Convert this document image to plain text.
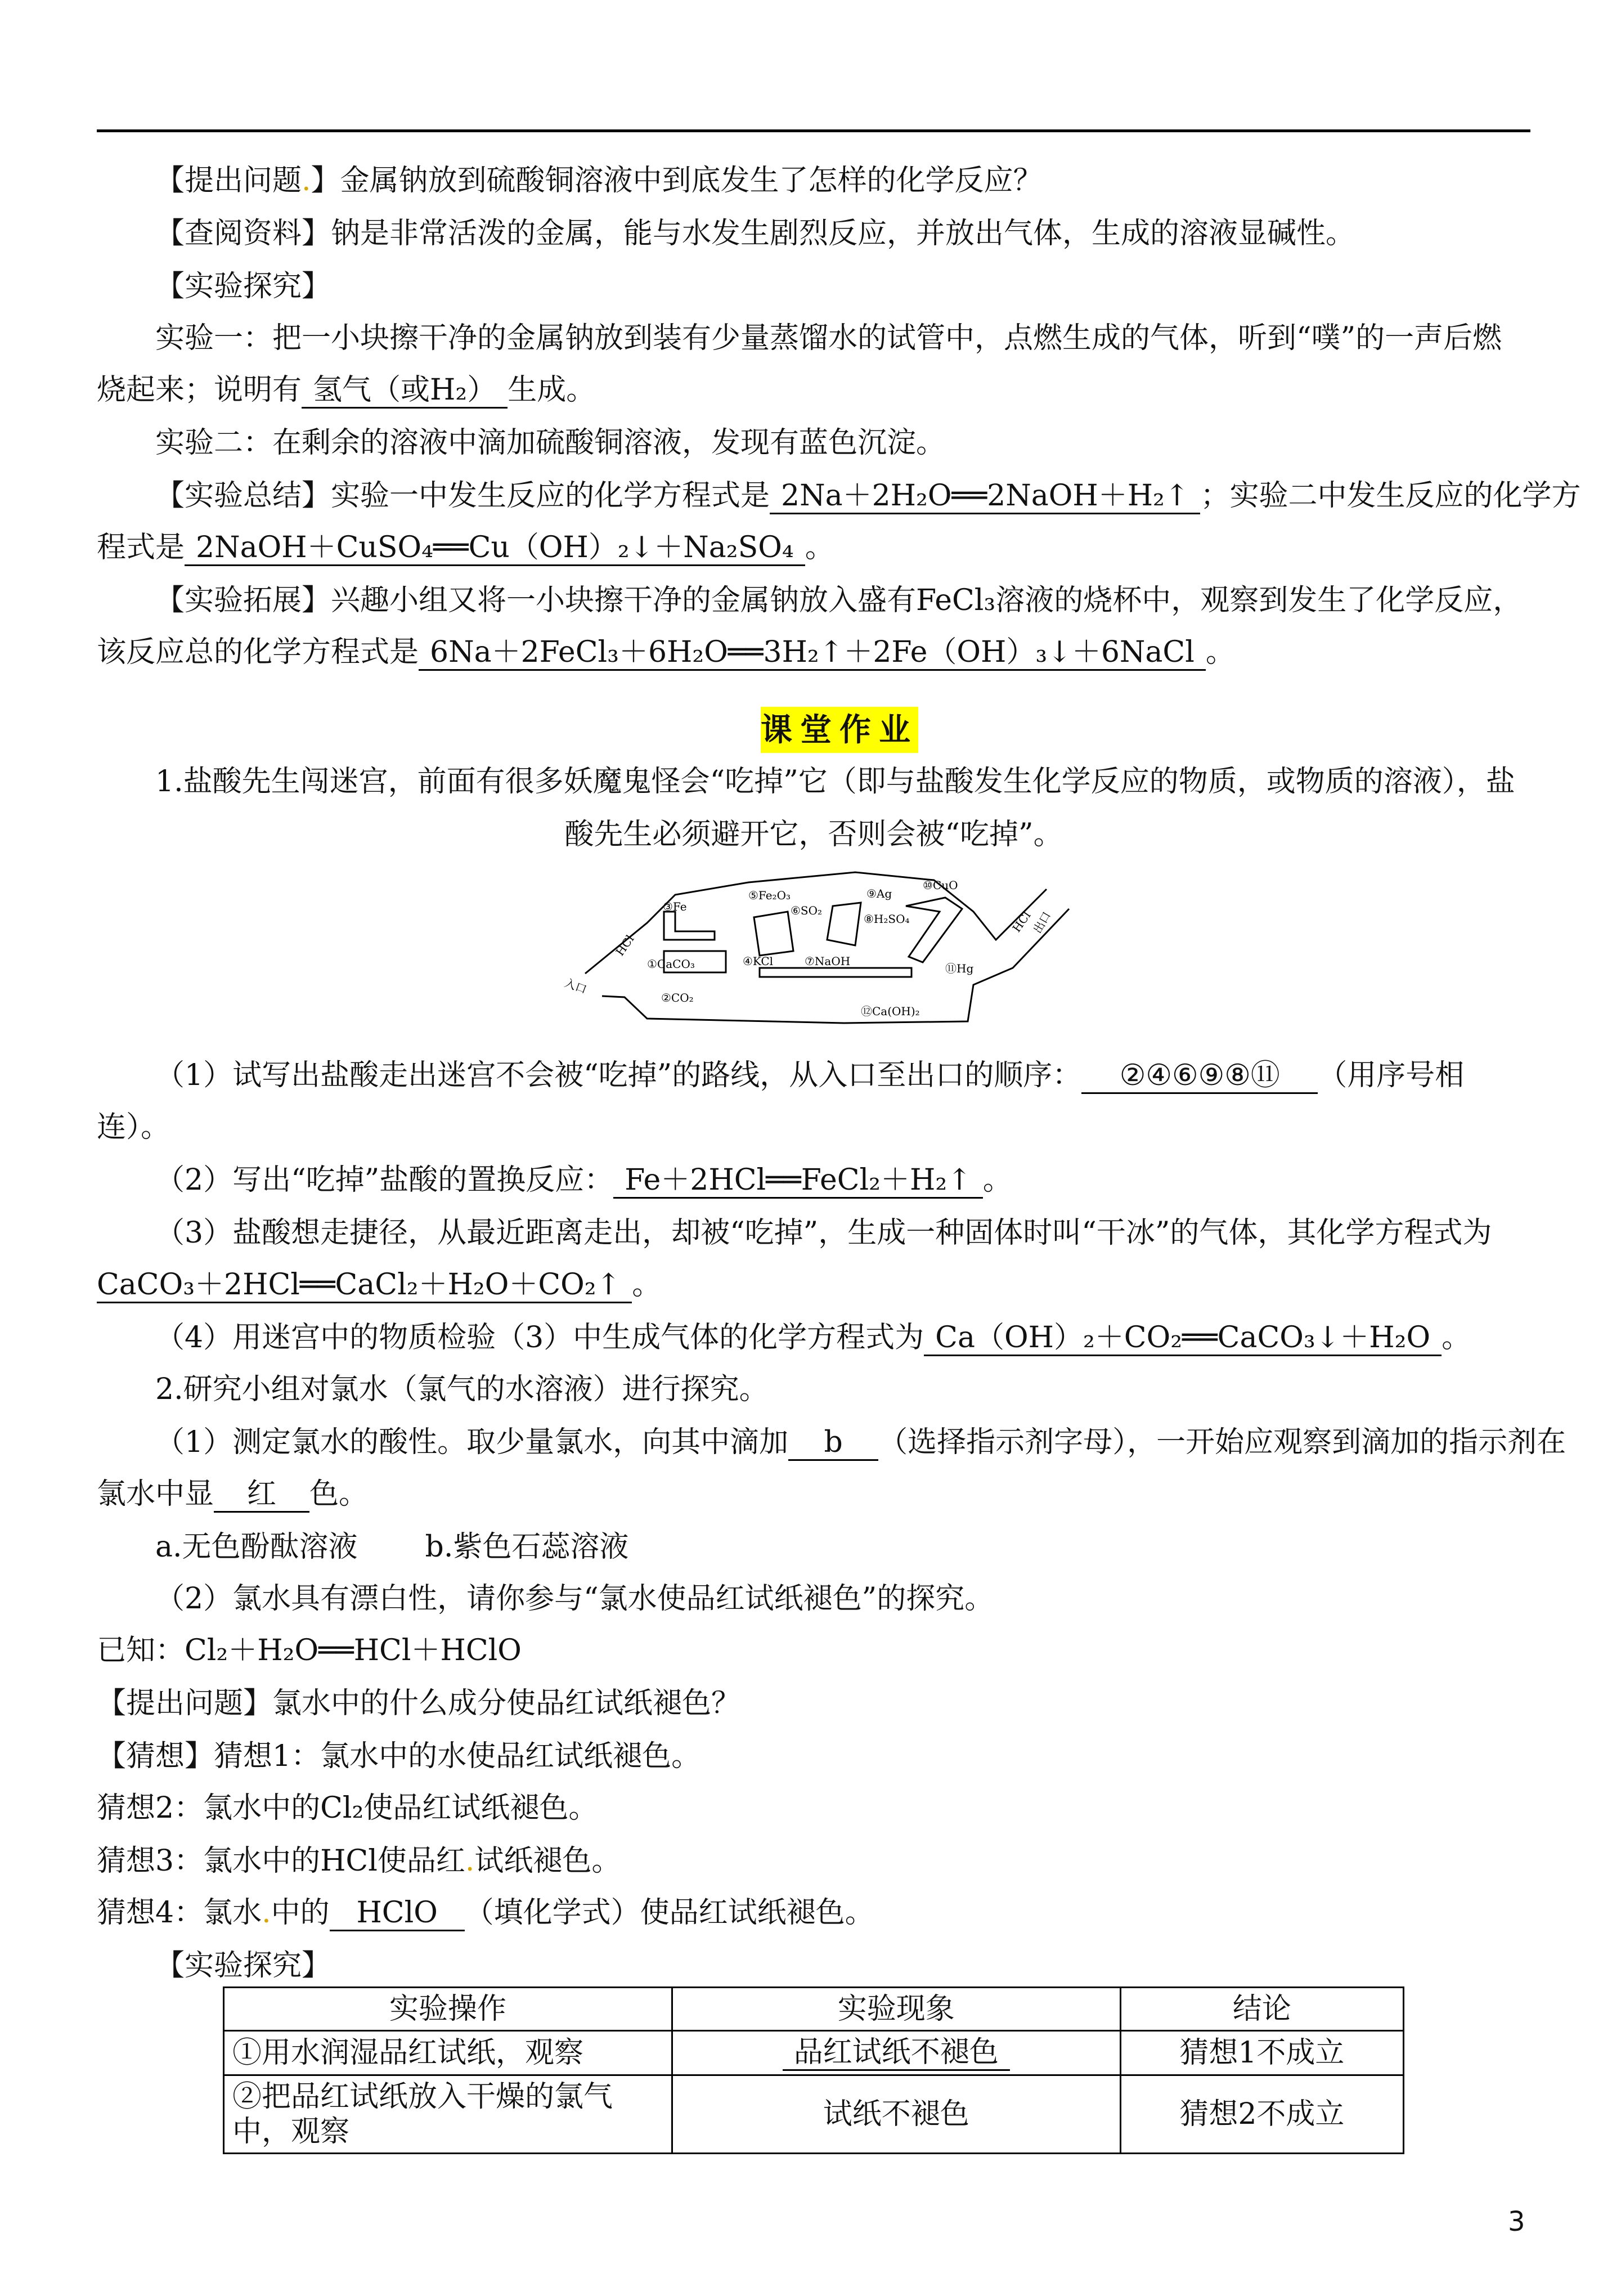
【提出问题.】金属钠放到硫酸铜溶液中到底发生了怎样的化学反应？
【查阅资料】钠是非常活泼的金属，能与水发生剧烈反应，并放出气体，生成的溶液显碱性。
【实验探究】
实验一：把一小块擦干净的金属钠放到装有少量蒸馏水的试管中，点燃生成的气体，听到“噗”的一声后燃
烧起来；说明有 氢气（或H₂） 生成。
实验二：在剩余的溶液中滴加硫酸铜溶液，发现有蓝色沉淀。
【实验总结】实验一中发生反应的化学方程式是 2Na＋2H₂O══2NaOH＋H₂↑ ；实验二中发生反应的化学方
程式是 2NaOH＋CuSO₄══Cu（OH）₂↓＋Na₂SO₄ 。
【实验拓展】兴趣小组又将一小块擦干净的金属钠放入盛有FeCl₃溶液的烧杯中，观察到发生了化学反应，
该反应总的化学方程式是 6Na＋2FeCl₃＋6H₂O══3H₂↑＋2Fe（OH）₃↓＋6NaCl 。
课堂作业
1.盐酸先生闯迷宫，前面有很多妖魔鬼怪会“吃掉”它（即与盐酸发生化学反应的物质，或物质的溶液），盐
酸先生必须避开它，否则会被“吃掉”。
入口
出口
HCl
HCl
①CaCO₃
②CO₂
③Fe
④KCl
⑤Fe₂O₃
⑥SO₂
⑦NaOH
⑧H₂SO₄
⑨Ag
⑩CuO
⑪Hg
⑫Ca(OH)₂
（1）试写出盐酸走出迷宫不会被“吃掉”的路线，从入口至出口的顺序： ②④⑥⑨⑧⑪ （用序号相
连）。
（2）写出“吃掉”盐酸的置换反应： Fe＋2HCl══FeCl₂＋H₂↑ 。
（3）盐酸想走捷径，从最近距离走出，却被“吃掉”，生成一种固体时叫“干冰”的气体，其化学方程式为
CaCO₃＋2HCl══CaCl₂＋H₂O＋CO₂↑ 。
（4）用迷宫中的物质检验（3）中生成气体的化学方程式为 Ca（OH）₂＋CO₂══CaCO₃↓＋H₂O 。
2.研究小组对氯水（氯气的水溶液）进行探究。
（1）测定氯水的酸性。取少量氯水，向其中滴加 b （选择指示剂字母），一开始应观察到滴加的指示剂在
氯水中显 红 色。
a.无色酚酞溶液 b.紫色石蕊溶液
（2）氯水具有漂白性，请你参与“氯水使品红试纸褪色”的探究。
已知：Cl₂＋H₂O══HCl＋HClO
【提出问题】氯水中的什么成分使品红试纸褪色？
【猜想】猜想1：氯水中的水使品红试纸褪色。
猜想2：氯水中的Cl₂使品红试纸褪色。
猜想3：氯水中的HCl使品红.试纸褪色。
猜想4：氯水.中的 HClO （填化学式）使品红试纸褪色。
【实验探究】
实验操作	实验现象	结论
①用水润湿品红试纸，观察	品红试纸不褪色	猜想1不成立
②把品红试纸放入干燥的氯气中，观察	试纸不褪色	猜想2不成立
3
